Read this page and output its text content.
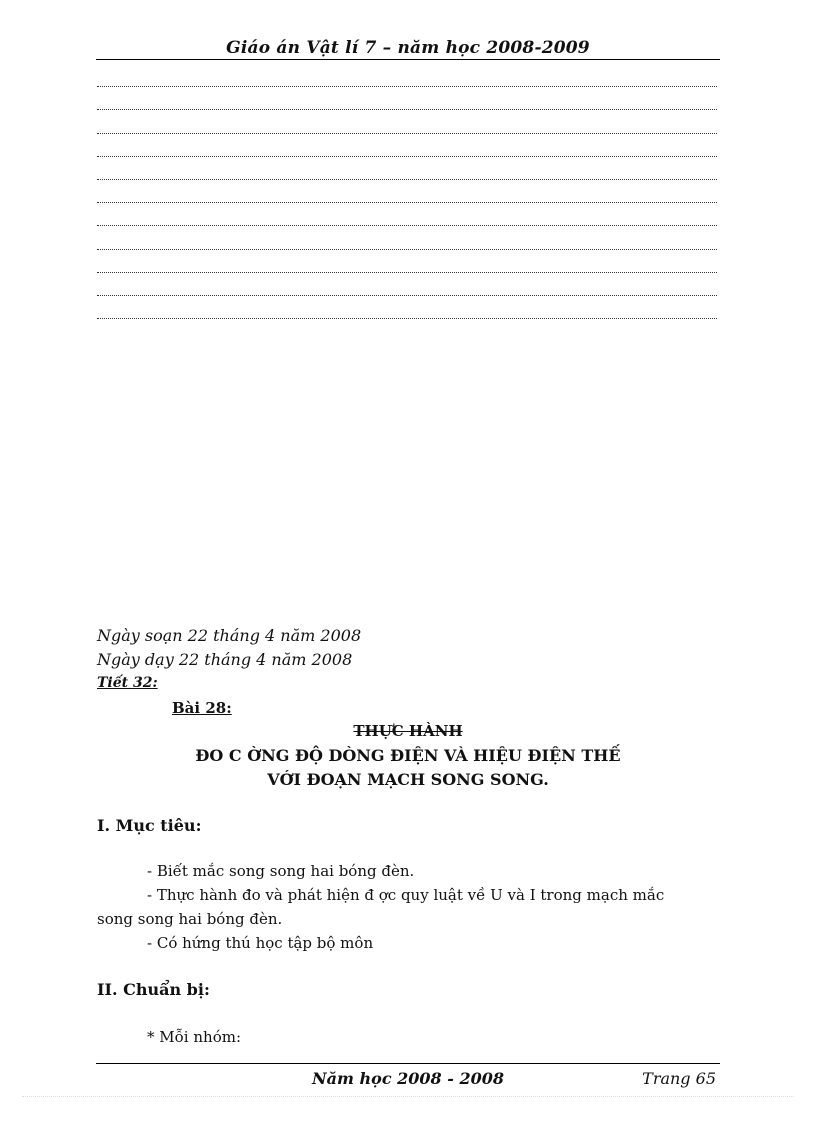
Giáo án Vật lí 7 – năm học 2008-2009
Ngày soạn 22 tháng 4 năm 2008
Ngày dạy 22 tháng 4 năm 2008
Tiết 32:
Bài 28:
THỰC HÀNH
ĐO C ỜNG ĐỘ DÒNG ĐIỆN VÀ HIỆU ĐIỆN THẾ
VỚI ĐOẠN MẠCH SONG SONG.
I. Mục tiêu:
- Biết mắc song song hai bóng đèn.
- Thực hành đo và phát hiện đ ợc quy luật về U và I trong mạch mắc
song song hai bóng đèn.
- Có hứng thú học tập bộ môn
II. Chuẩn bị:
* Mỗi nhóm:
Năm học 2008 - 2008	Trang 65
